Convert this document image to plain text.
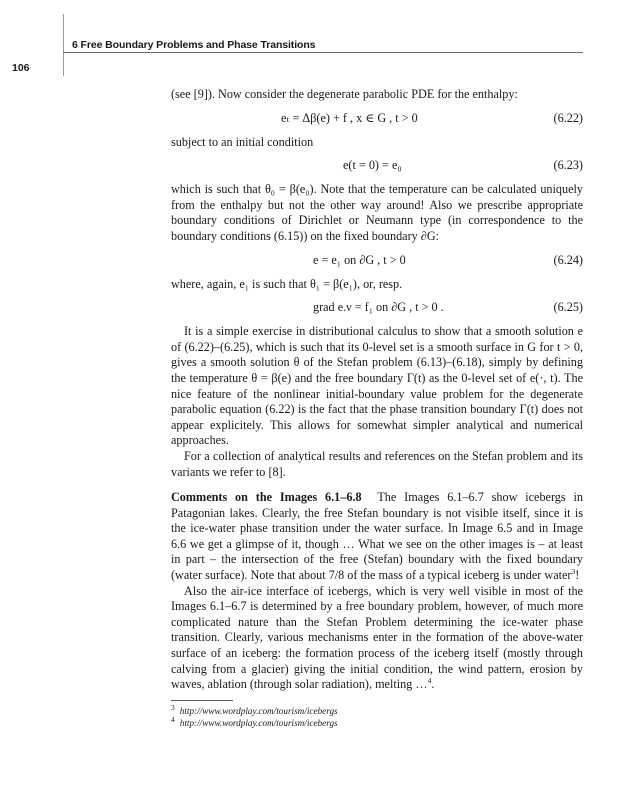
6 Free Boundary Problems and Phase Transitions
106

(see [9]). Now consider the degenerate parabolic PDE for the enthalpy:

eₜ = Δβ(e) + f , x ∈ G , t > 0	(6.22)

subject to an initial condition

e(t = 0) = e₀	(6.23)

which is such that θ₀ = β(e₀). Note that the temperature can be calculated uniquely from the enthalpy but not the other way around! Also we prescribe appropriate boundary conditions of Dirichlet or Neumann type (in correspondence to the boundary conditions (6.15)) on the fixed boundary ∂G:

e = e₁ on ∂G , t > 0	(6.24)

where, again, e₁ is such that θ₁ = β(e₁), or, resp.

grad e.ν = f₁ on ∂G , t > 0 .	(6.25)

It is a simple exercise in distributional calculus to show that a smooth solution e of (6.22)–(6.25), which is such that its 0-level set is a smooth surface in G for t > 0, gives a smooth solution θ of the Stefan problem (6.13)–(6.18), simply by defining the temperature θ = β(e) and the free boundary Γ(t) as the 0-level set of e(·, t). The nice feature of the nonlinear initial-boundary value problem for the degenerate parabolic equation (6.22) is the fact that the phase transition boundary Γ(t) does not appear explicitely. This allows for somewhat simpler analytical and numerical approaches.

For a collection of analytical results and references on the Stefan problem and its variants we refer to [8].

Comments on the Images 6.1–6.8 The Images 6.1–6.7 show icebergs in Patagonian lakes. Clearly, the free Stefan boundary is not visible itself, since it is the ice-water phase transition under the water surface. In Image 6.5 and in Image 6.6 we get a glimpse of it, though … What we see on the other images is – at least in part – the intersection of the free (Stefan) boundary with the fixed boundary (water surface). Note that about 7/8 of the mass of a typical iceberg is under water$^3$!

Also the air-ice interface of icebergs, which is very well visible in most of the Images 6.1–6.7 is determined by a free boundary problem, however, of much more complicated nature than the Stefan Problem determining the ice-water phase transition. Clearly, various mechanisms enter in the formation of the above-water surface of an iceberg: the formation process of the iceberg itself (mostly through calving from a glacier) giving the initial condition, the wind pattern, erosion by waves, ablation (through solar radiation), melting …$^4$.

$^3$ http://www.wordplay.com/tourism/icebergs
$^4$ http://www.wordplay.com/tourism/icebergs
